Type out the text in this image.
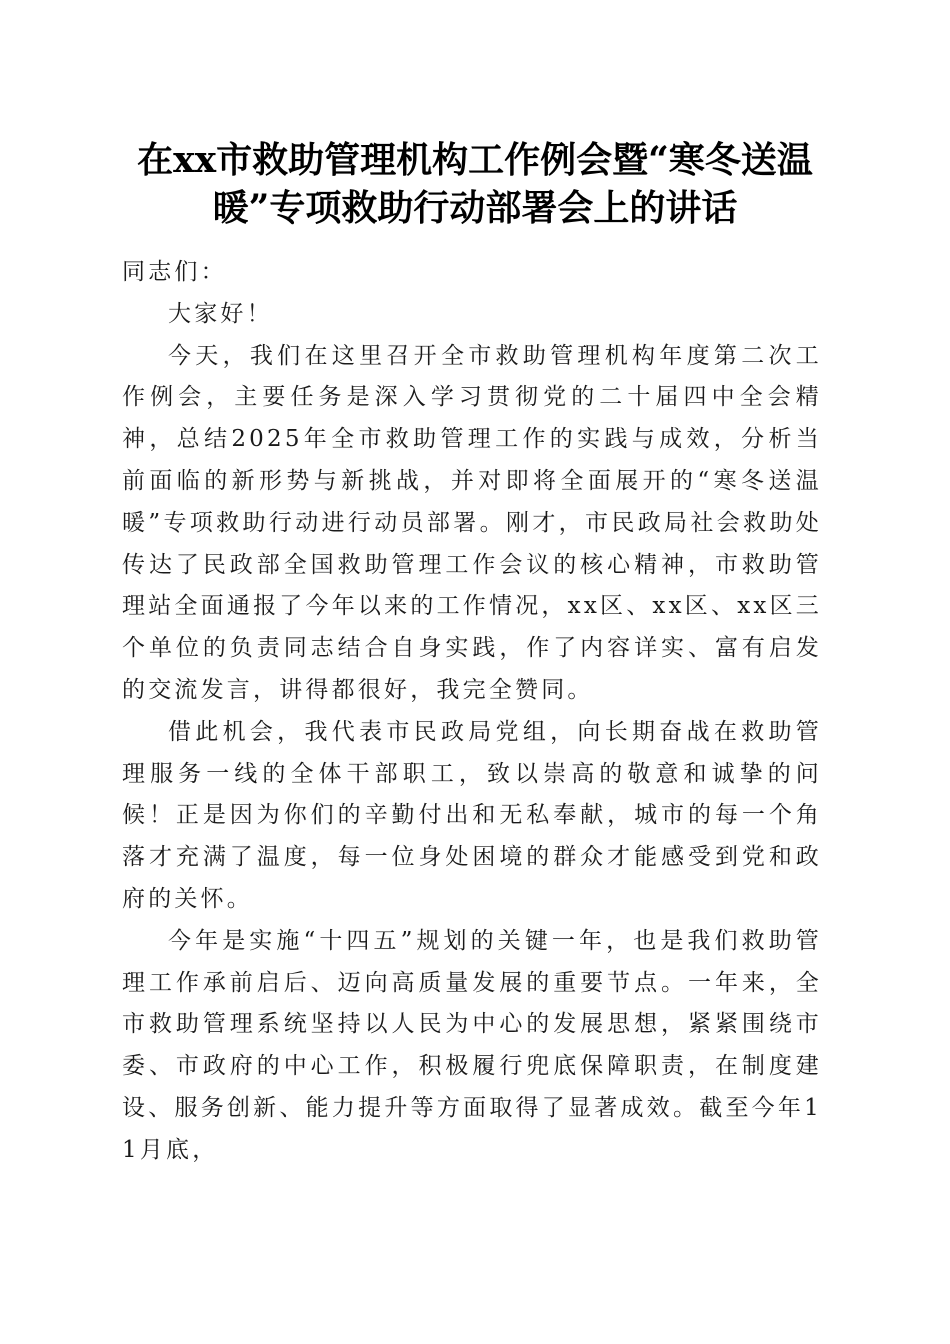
在xx市救助管理机构工作例会暨“寒冬送温
暖”专项救助行动部署会上的讲话

同志们：

大家好！

今天，我们在这里召开全市救助管理机构年度第二次工作例会，主要任务是深入学习贯彻党的二十届四中全会精神，总结2025年全市救助管理工作的实践与成效，分析当前面临的新形势与新挑战，并对即将全面展开的“寒冬送温暖”专项救助行动进行动员部署。刚才，市民政局社会救助处传达了民政部全国救助管理工作会议的核心精神，市救助管理站全面通报了今年以来的工作情况，xx区、xx区、xx区三个单位的负责同志结合自身实践，作了内容详实、富有启发的交流发言，讲得都很好，我完全赞同。

借此机会，我代表市民政局党组，向长期奋战在救助管理服务一线的全体干部职工，致以崇高的敬意和诚挚的问候！正是因为你们的辛勤付出和无私奉献，城市的每一个角落才充满了温度，每一位身处困境的群众才能感受到党和政府的关怀。

今年是实施“十四五”规划的关键一年，也是我们救助管理工作承前启后、迈向高质量发展的重要节点。一年来，全市救助管理系统坚持以人民为中心的发展思想，紧紧围绕市委、市政府的中心工作，积极履行兜底保障职责，在制度建设、服务创新、能力提升等方面取得了显著成效。截至今年11月底，
